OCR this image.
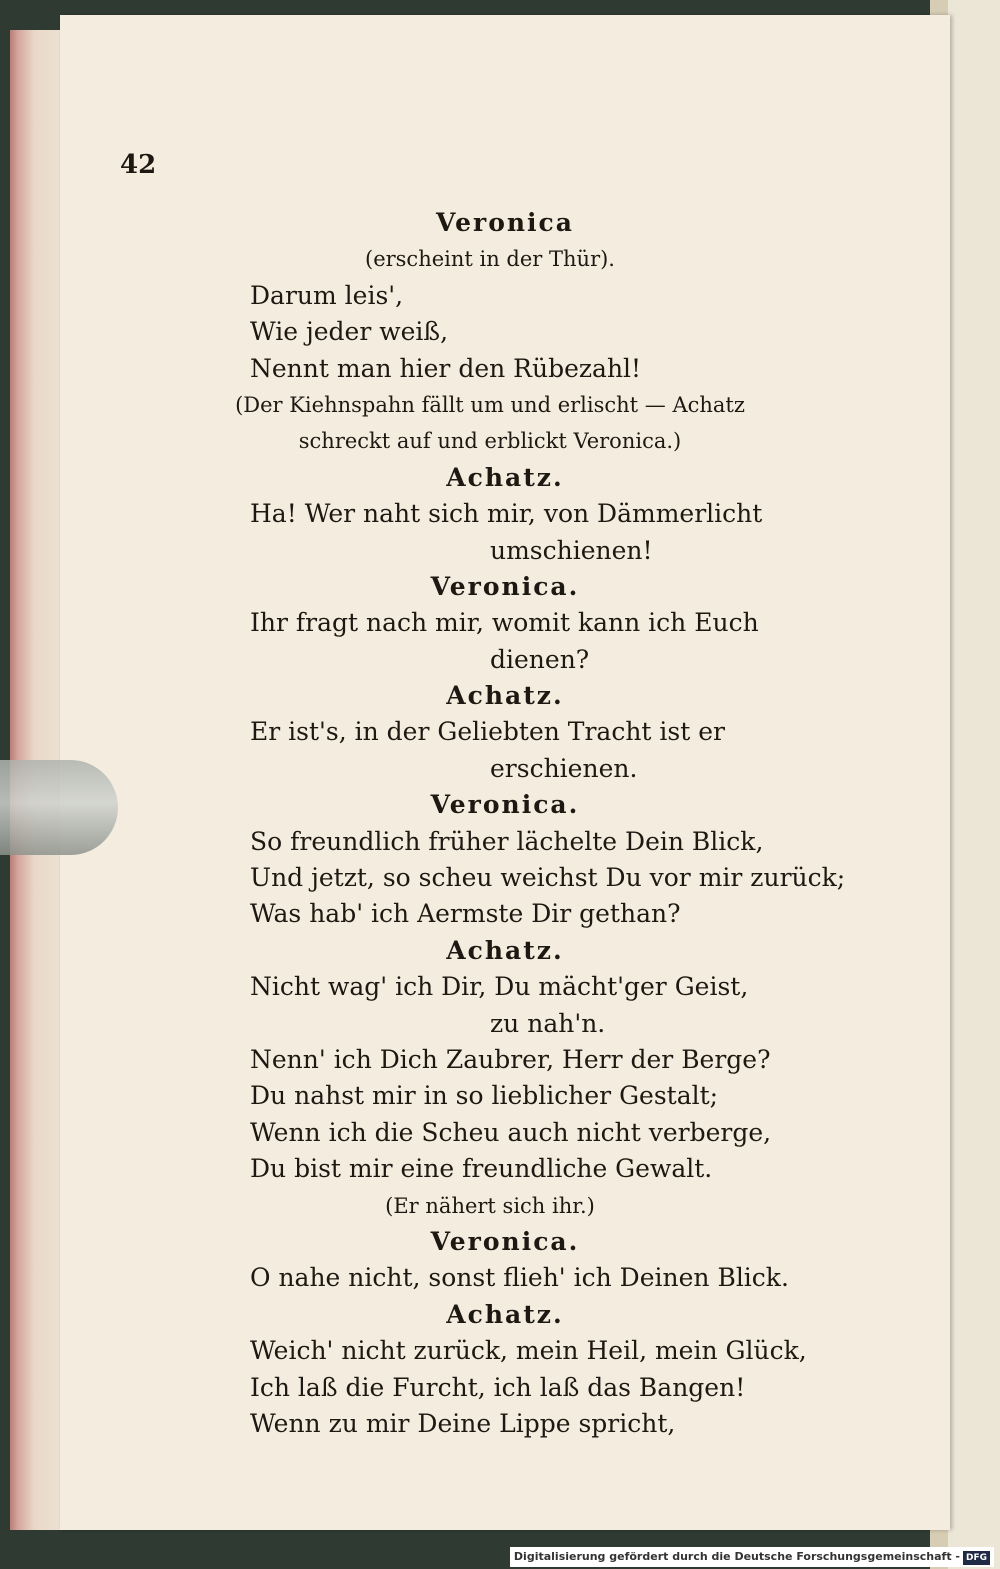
42
Veronica
(erscheint in der Thür).
Darum leis',
Wie jeder weiß,
Nennt man hier den Rübezahl!
(Der Kiehnspahn fällt um und erlischt — Achatz
schreckt auf und erblickt Veronica.)
Achatz.
Ha! Wer naht sich mir, von Dämmerlicht
umschienen!
Veronica.
Ihr fragt nach mir, womit kann ich Euch
dienen?
Achatz.
Er ist's, in der Geliebten Tracht ist er
erschienen.
Veronica.
So freundlich früher lächelte Dein Blick,
Und jetzt, so scheu weichst Du vor mir zurück;
Was hab' ich Aermste Dir gethan?
Achatz.
Nicht wag' ich Dir, Du mächt'ger Geist,
zu nah'n.
Nenn' ich Dich Zaubrer, Herr der Berge?
Du nahst mir in so lieblicher Gestalt;
Wenn ich die Scheu auch nicht verberge,
Du bist mir eine freundliche Gewalt.
(Er nähert sich ihr.)
Veronica.
O nahe nicht, sonst flieh' ich Deinen Blick.
Achatz.
Weich' nicht zurück, mein Heil, mein Glück,
Ich laß die Furcht, ich laß das Bangen!
Wenn zu mir Deine Lippe spricht,
Digitalisierung gefördert durch die Deutsche Forschungsgemeinschaft - DFG
